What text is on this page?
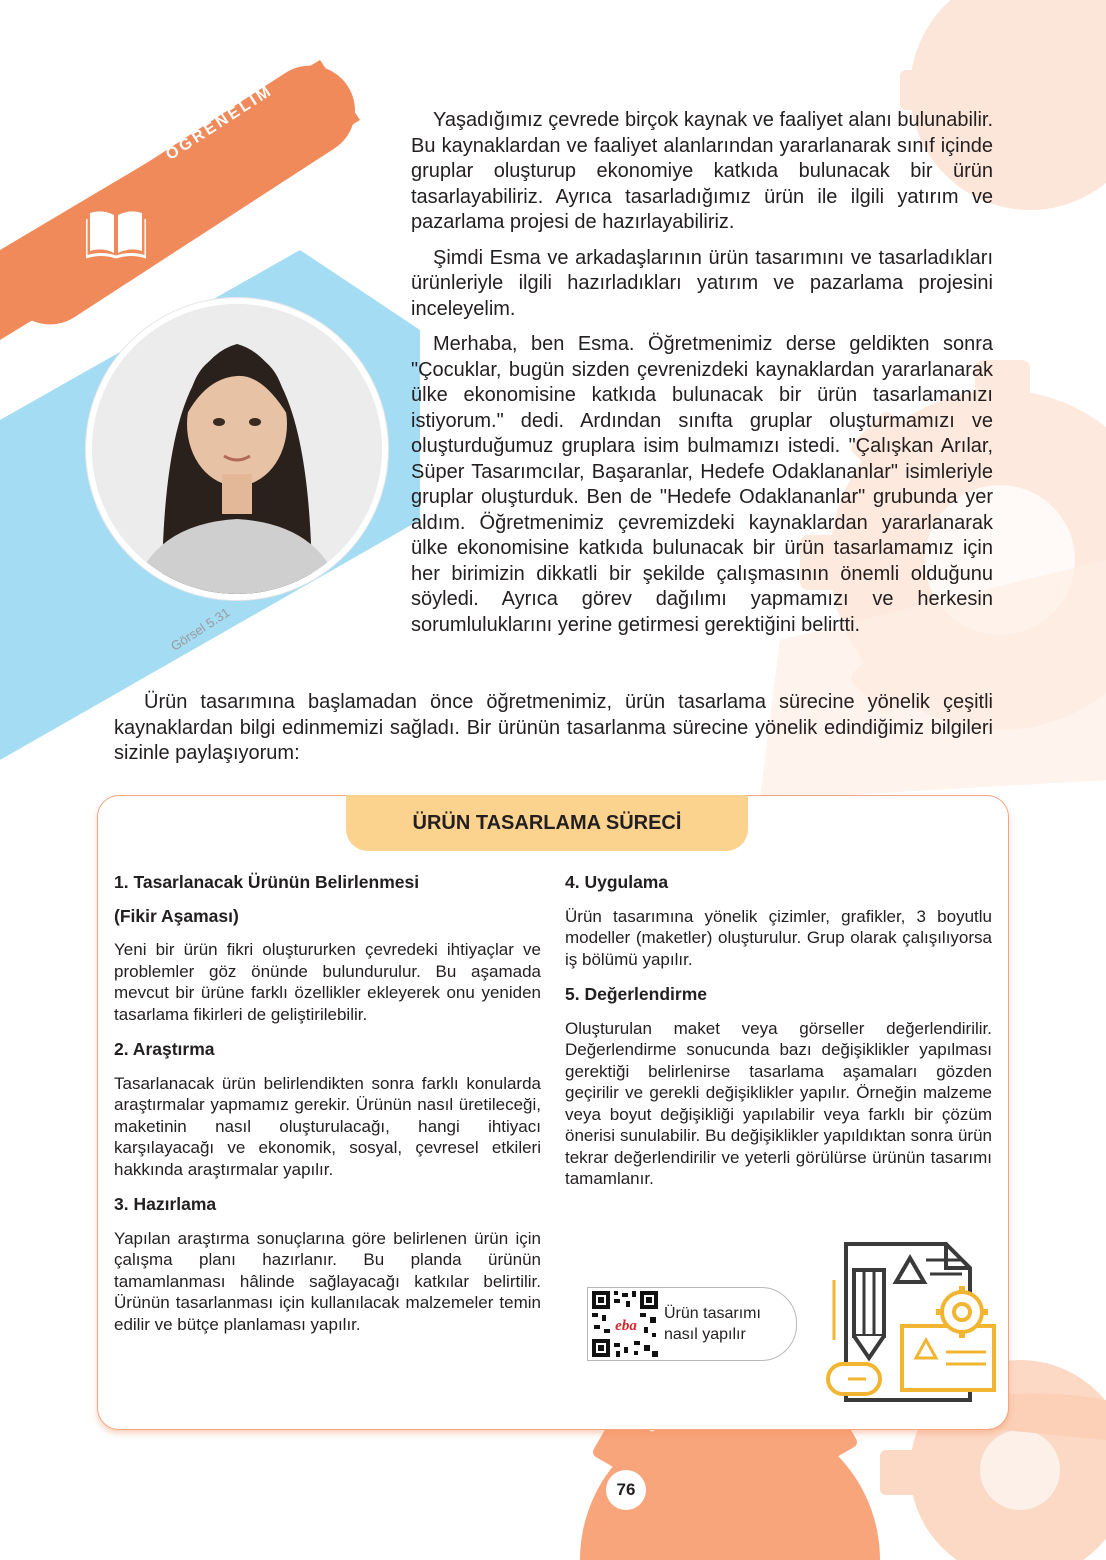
ÖĞRENELİM
Görsel 5.31

Yaşadığımız çevrede birçok kaynak ve faaliyet alanı bulunabilir. Bu kaynaklardan ve faaliyet alanlarından yararlanarak sınıf içinde gruplar oluşturup ekonomiye katkıda bulunacak bir ürün tasarlayabiliriz. Ayrıca tasarladığımız ürün ile ilgili yatırım ve pazarlama projesi de hazırlayabiliriz.

Şimdi Esma ve arkadaşlarının ürün tasarımını ve tasarladıkları ürünleriyle ilgili hazırladıkları yatırım ve pazarlama projesini inceleyelim.

Merhaba, ben Esma. Öğretmenimiz derse geldikten sonra "Çocuklar, bugün sizden çevrenizdeki kaynaklardan yararlanarak ülke ekonomisine katkıda bulunacak bir ürün tasarlamanızı istiyorum." dedi. Ardından sınıfta gruplar oluşturmamızı ve oluşturduğumuz gruplara isim bulmamızı istedi. "Çalışkan Arılar, Süper Tasarımcılar, Başaranlar, Hedefe Odaklananlar" isimleriyle gruplar oluşturduk. Ben de "Hedefe Odaklananlar" grubunda yer aldım. Öğretmenimiz çevremizdeki kaynaklardan yararlanarak ülke ekonomisine katkıda bulunacak bir ürün tasarlamamız için her birimizin dikkatli bir şekilde çalışmasının önemli olduğunu söyledi. Ayrıca görev dağılımı yapmamızı ve herkesin sorumluluklarını yerine getirmesi gerektiğini belirtti.

Ürün tasarımına başlamadan önce öğretmenimiz, ürün tasarlama sürecine yönelik çeşitli kaynaklardan bilgi edinmemizi sağladı. Bir ürünün tasarlanma sürecine yönelik edindiğimiz bilgileri sizinle paylaşıyorum:

ÜRÜN TASARLAMA SÜRECİ
1. Tasarlanacak Ürünün Belirlenmesi
(Fikir Aşaması)

Yeni bir ürün fikri oluştururken çevredeki ihtiyaçlar ve problemler göz önünde bulundurulur. Bu aşamada mevcut bir ürüne farklı özellikler ekleyerek onu yeniden tasarlama fikirleri de geliştirilebilir.

2. Araştırma

Tasarlanacak ürün belirlendikten sonra farklı konularda araştırmalar yapmamız gerekir. Ürünün nasıl üretileceği, maketinin nasıl oluşturulacağı, hangi ihtiyacı karşılayacağı ve ekonomik, sosyal, çevresel etkileri hakkında araştırmalar yapılır.

3. Hazırlama

Yapılan araştırma sonuçlarına göre belirlenen ürün için çalışma planı hazırlanır. Bu planda ürünün tamamlanması hâlinde sağlayacağı katkılar belirtilir. Ürünün tasarlanması için kullanılacak malzemeler temin edilir ve bütçe planlaması yapılır.

4. Uygulama

Ürün tasarımına yönelik çizimler, grafikler, 3 boyutlu modeller (maketler) oluşturulur. Grup olarak çalışılıyorsa iş bölümü yapılır.

5. Değerlendirme

Oluşturulan maket veya görseller değerlendirilir. Değerlendirme sonucunda bazı değişiklikler yapılması gerektiği belirlenirse tasarlama aşamaları gözden geçirilir ve gerekli değişiklikler yapılır. Örneğin malzeme veya boyut değişikliği yapılabilir veya farklı bir çözüm önerisi sunulabilir. Bu değişiklikler yapıldıktan sonra ürün tekrar değerlendirilir ve yeterli görülürse ürünün tasarımı tamamlanır.

eba
Ürün tasarımı nasıl yapılır
76
